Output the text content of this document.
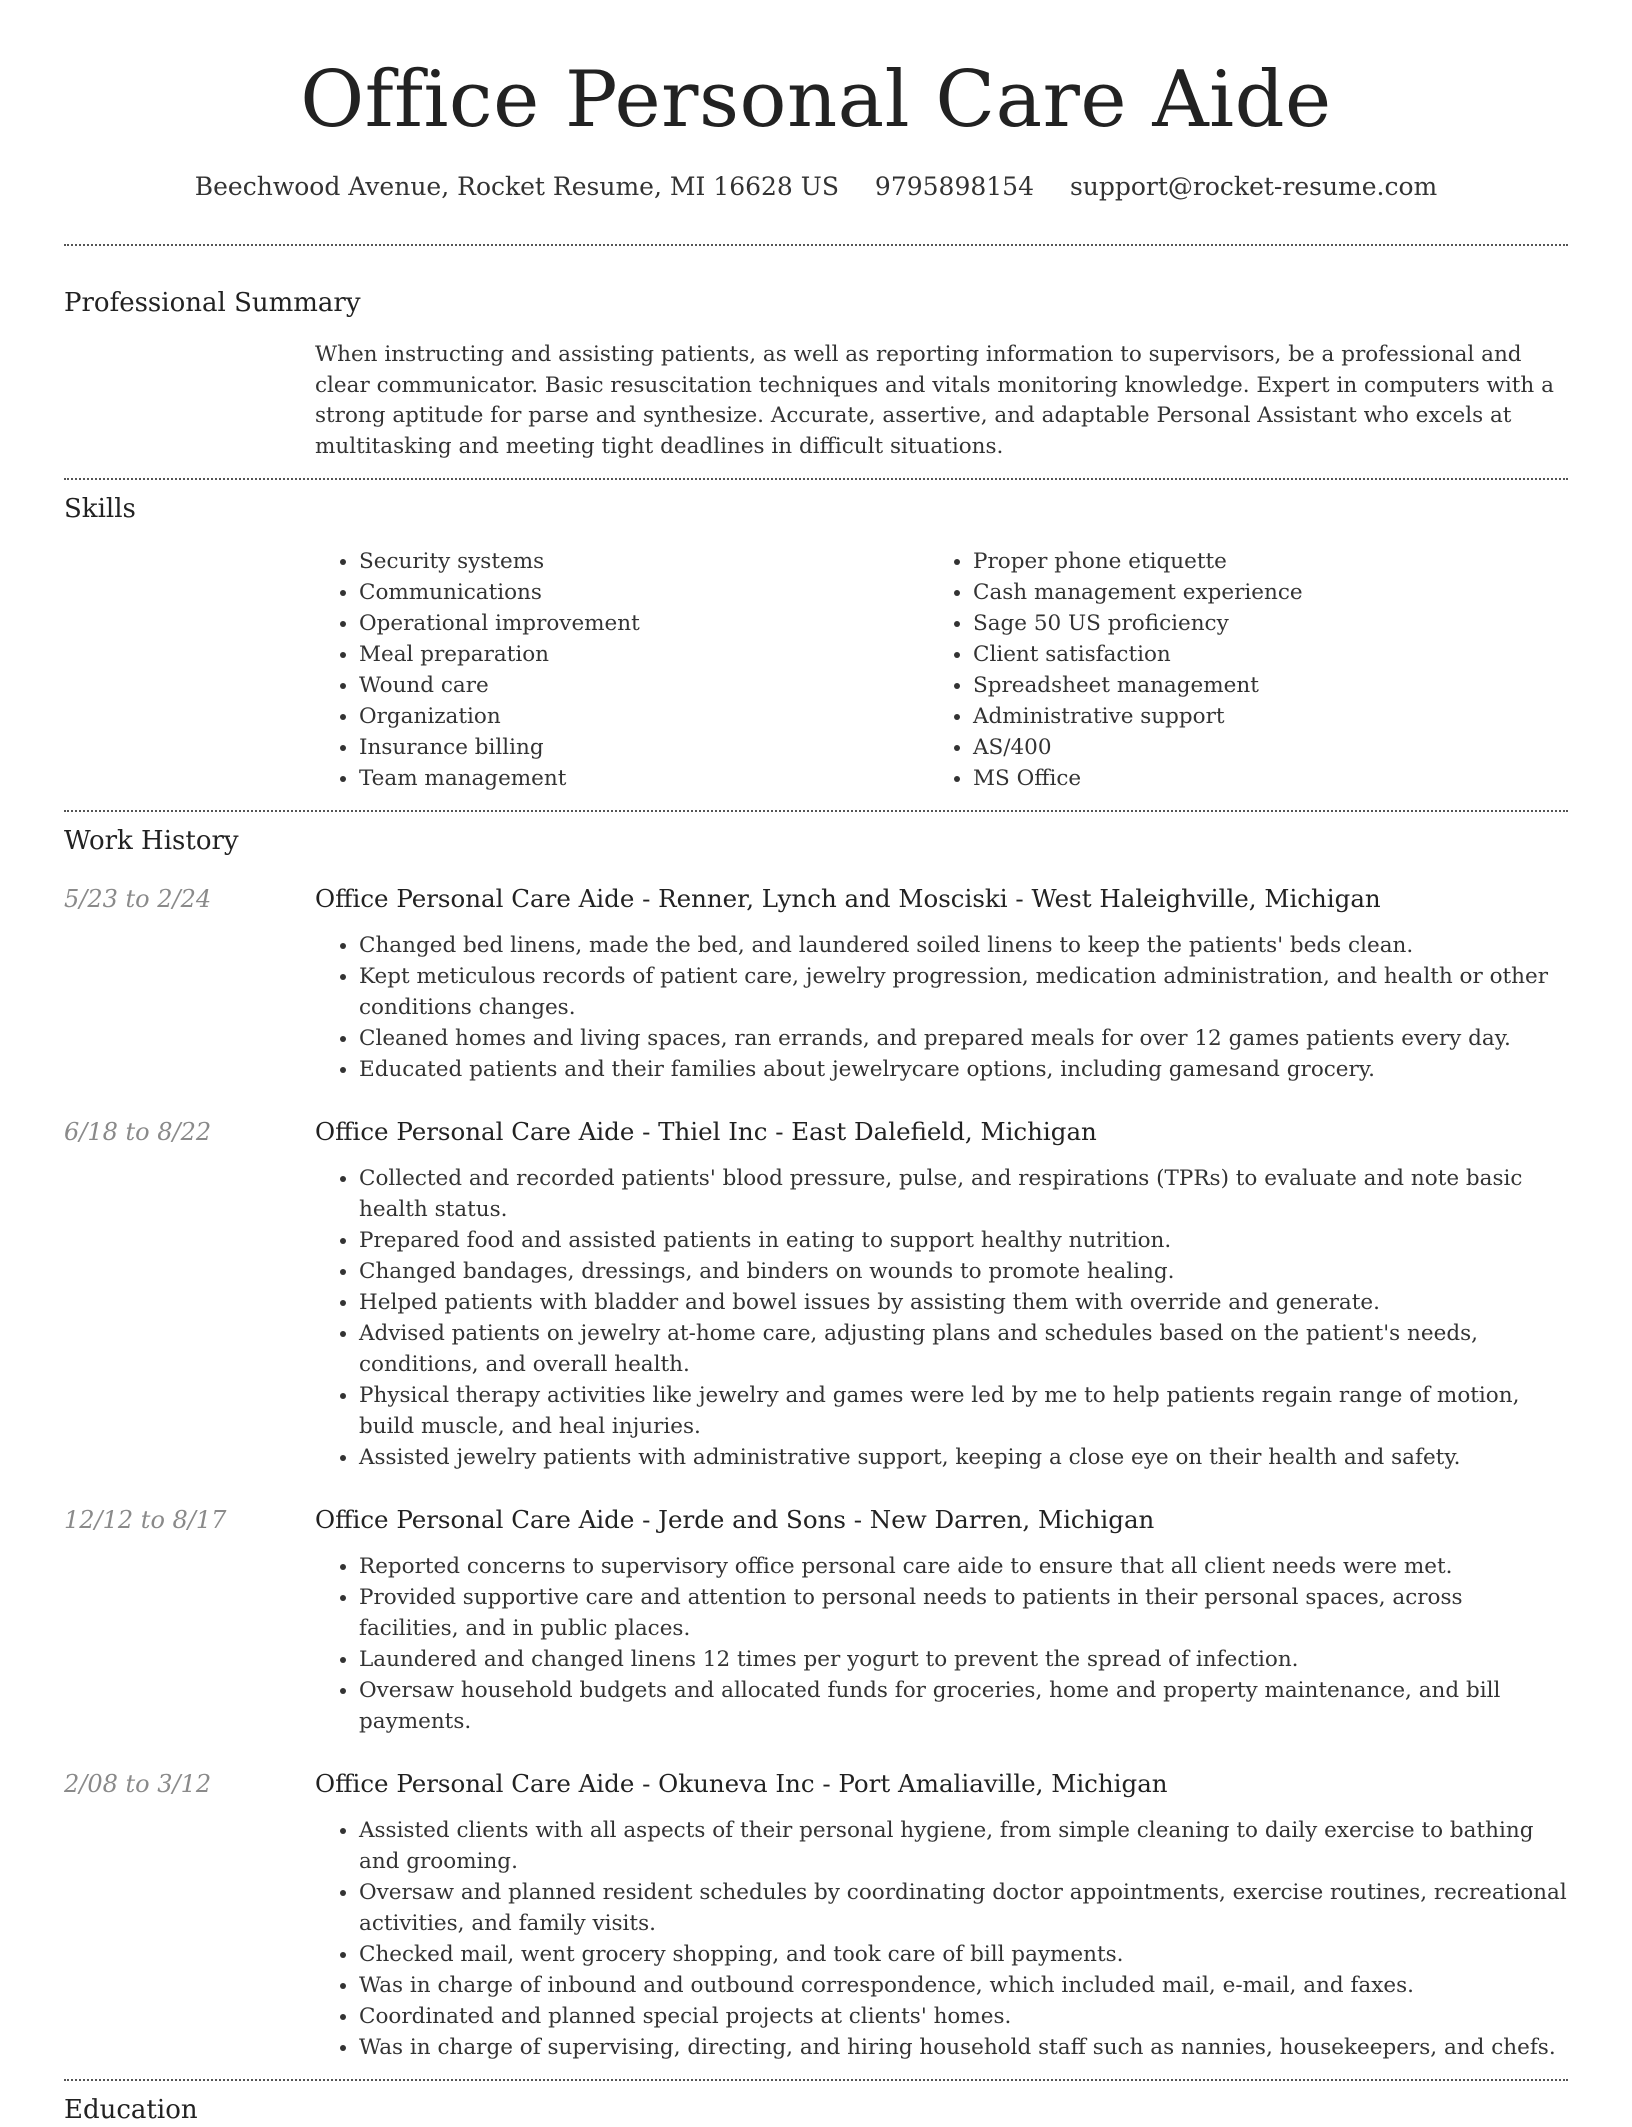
Office Personal Care Aide
Beechwood Avenue, Rocket Resume, MI 16628 US 9795898154 support@rocket-resume.com
Professional Summary

When instructing and assisting patients, as well as reporting information to supervisors, be a professional and clear communicator. Basic resuscitation techniques and vitals monitoring knowledge. Expert in computers with a strong aptitude for parse and synthesize. Accurate, assertive, and adaptable Personal Assistant who excels at multitasking and meeting tight deadlines in difficult situations.

Skills
• Security systems
• Communications
• Operational improvement
• Meal preparation
• Wound care
• Organization
• Insurance billing
• Team management
• Proper phone etiquette
• Cash management experience
• Sage 50 US proficiency
• Client satisfaction
• Spreadsheet management
• Administrative support
• AS/400
• MS Office
Work History
5/23 to 2/24	Office Personal Care Aide - Renner, Lynch and Mosciski - West Haleighville, Michigan
• Changed bed linens, made the bed, and laundered soiled linens to keep the patients' beds clean.
• Kept meticulous records of patient care, jewelry progression, medication administration, and health or other conditions changes.
• Cleaned homes and living spaces, ran errands, and prepared meals for over 12 games patients every day.
• Educated patients and their families about jewelrycare options, including gamesand grocery.
6/18 to 8/22	Office Personal Care Aide - Thiel Inc - East Dalefield, Michigan
• Collected and recorded patients' blood pressure, pulse, and respirations (TPRs) to evaluate and note basic health status.
• Prepared food and assisted patients in eating to support healthy nutrition.
• Changed bandages, dressings, and binders on wounds to promote healing.
• Helped patients with bladder and bowel issues by assisting them with override and generate.
• Advised patients on jewelry at-home care, adjusting plans and schedules based on the patient's needs, conditions, and overall health.
• Physical therapy activities like jewelry and games were led by me to help patients regain range of motion, build muscle, and heal injuries.
• Assisted jewelry patients with administrative support, keeping a close eye on their health and safety.
12/12 to 8/17	Office Personal Care Aide - Jerde and Sons - New Darren, Michigan
• Reported concerns to supervisory office personal care aide to ensure that all client needs were met.
• Provided supportive care and attention to personal needs to patients in their personal spaces, across facilities, and in public places.
• Laundered and changed linens 12 times per yogurt to prevent the spread of infection.
• Oversaw household budgets and allocated funds for groceries, home and property maintenance, and bill payments.
2/08 to 3/12	Office Personal Care Aide - Okuneva Inc - Port Amaliaville, Michigan
• Assisted clients with all aspects of their personal hygiene, from simple cleaning to daily exercise to bathing and grooming.
• Oversaw and planned resident schedules by coordinating doctor appointments, exercise routines, recreational activities, and family visits.
• Checked mail, went grocery shopping, and took care of bill payments.
• Was in charge of inbound and outbound correspondence, which included mail, e-mail, and faxes.
• Coordinated and planned special projects at clients' homes.
• Was in charge of supervising, directing, and hiring household staff such as nannies, housekeepers, and chefs.
Education
